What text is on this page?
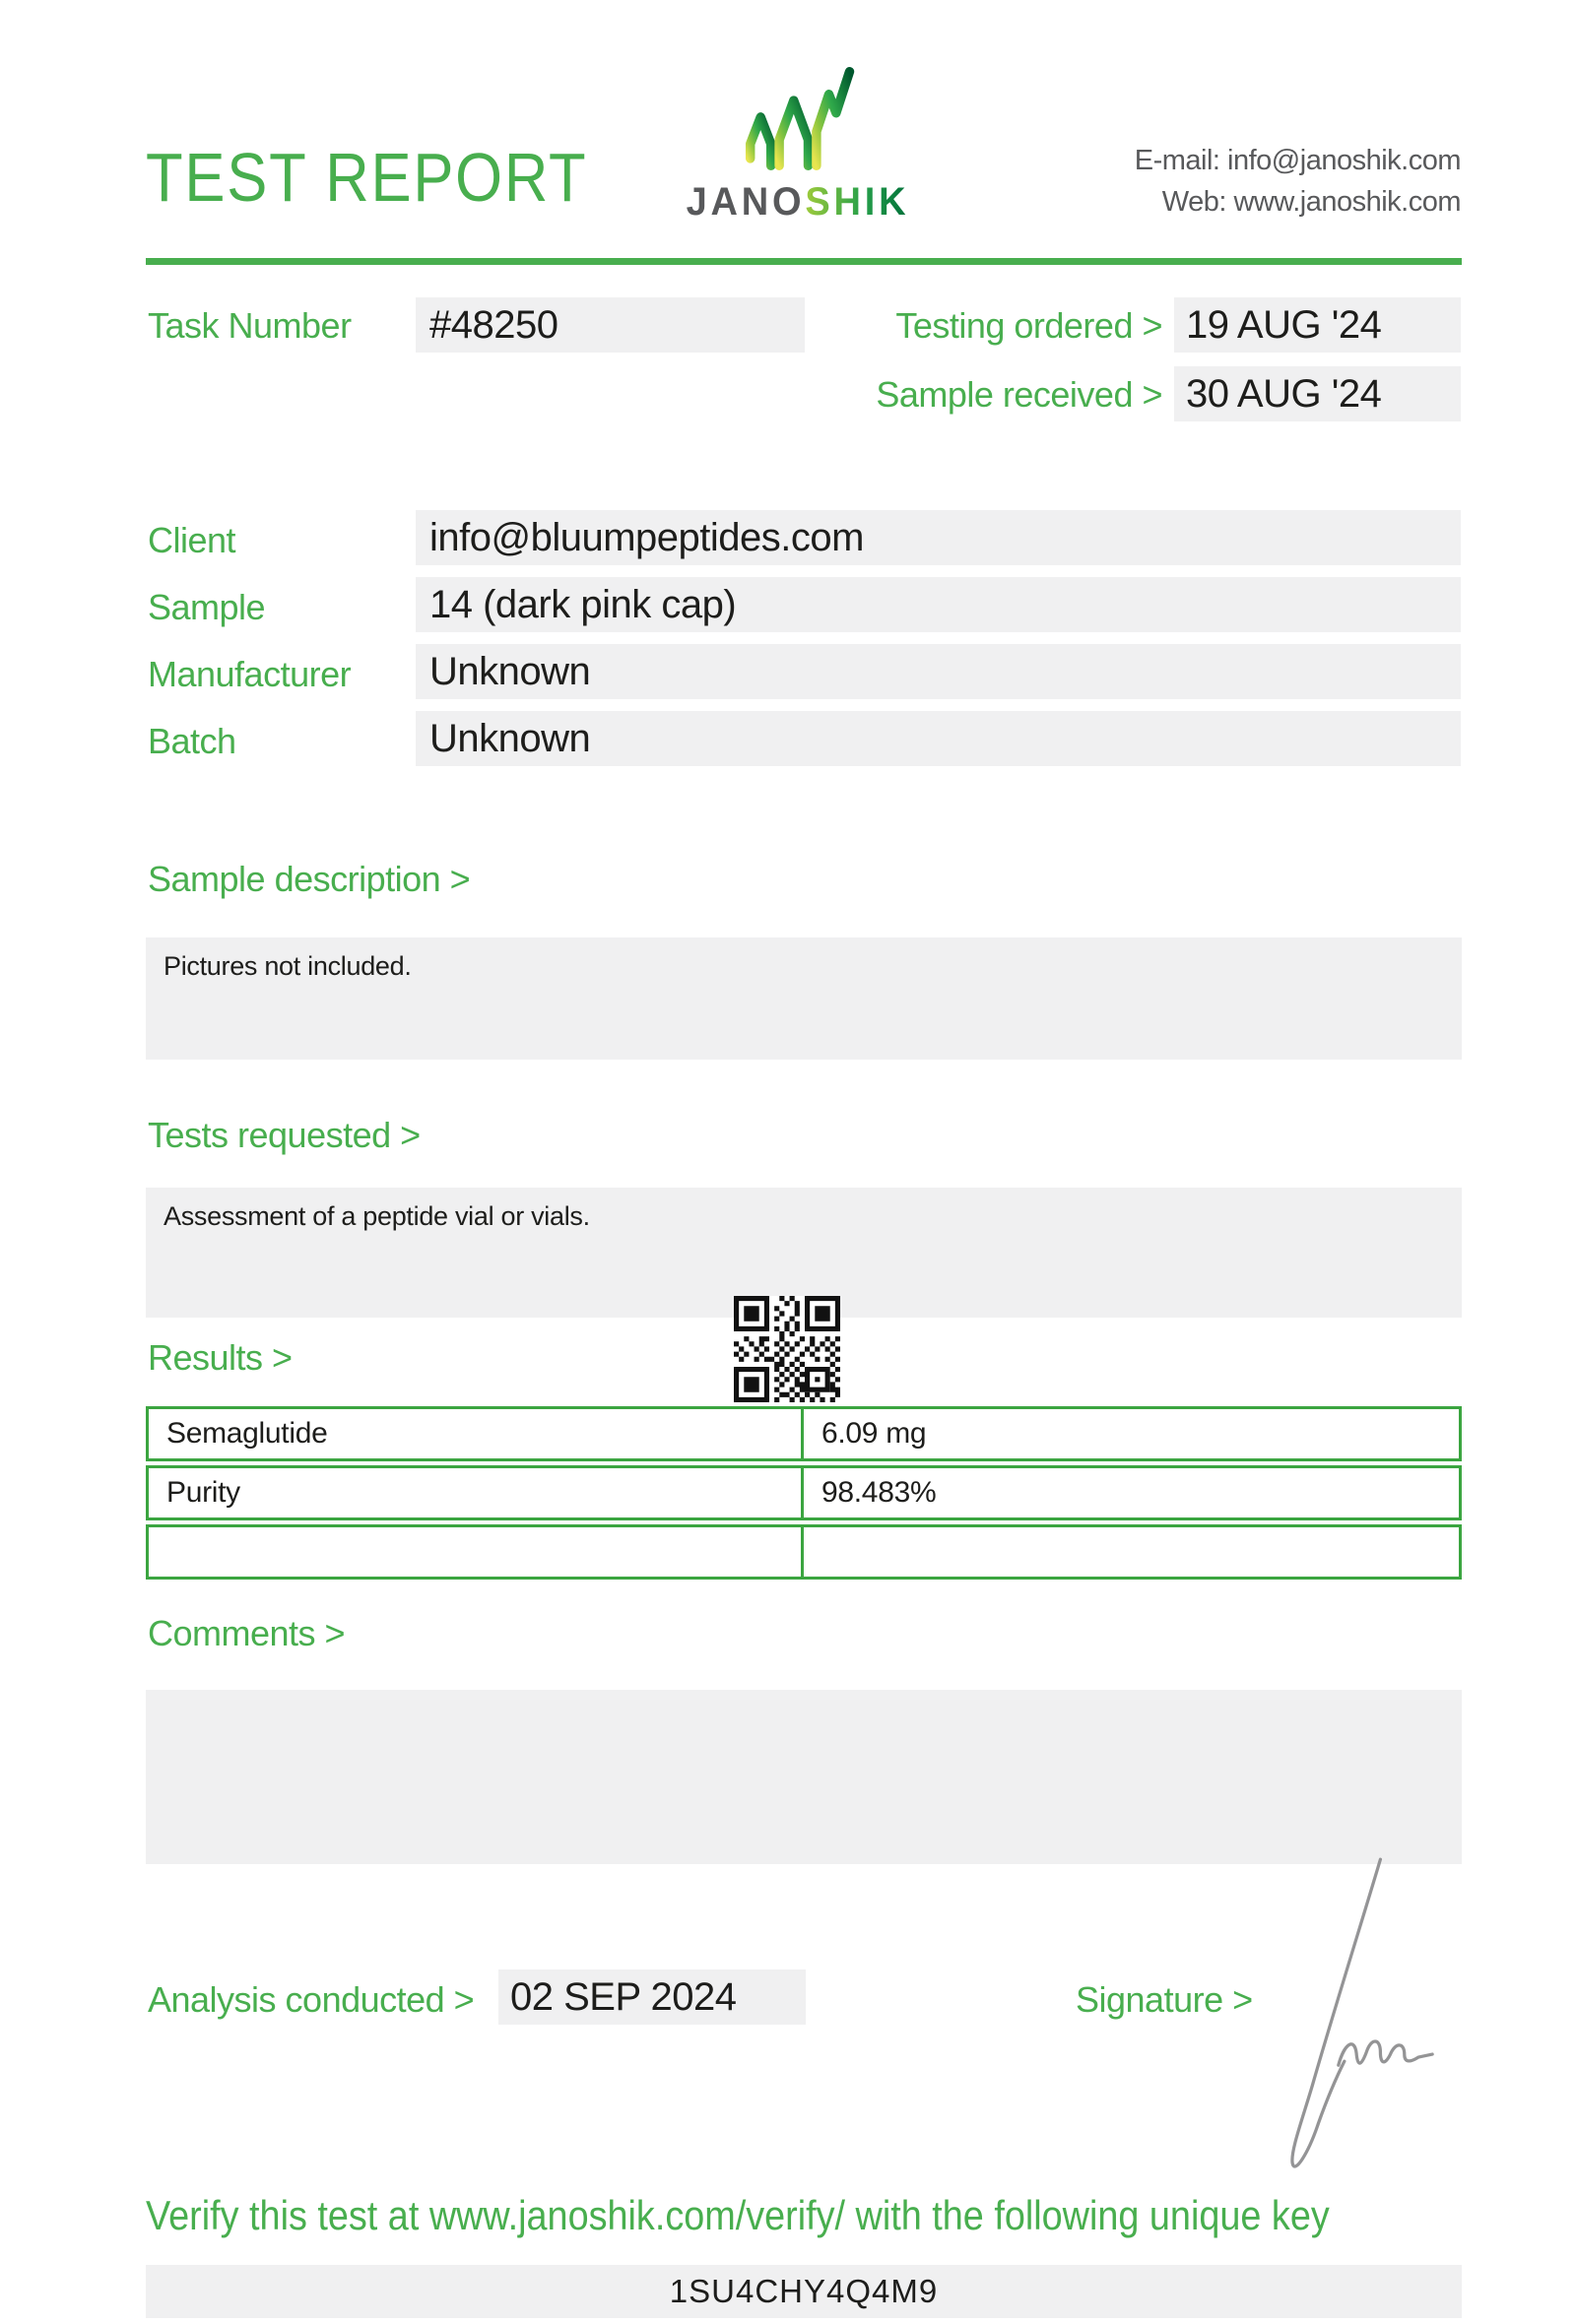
TEST REPORT	JANOSHIK
E-mail: info@janoshik.com
Web: www.janoshik.com
Task Number	#48250	Testing ordered > 19 AUG '24
Sample received > 30 AUG '24
Client	info@bluumpeptides.com
Sample	14 (dark pink cap)
Manufacturer	Unknown
Batch	Unknown
Sample description >
Pictures not included.
Tests requested >
Assessment of a peptide vial or vials.
Results >
Semaglutide	6.09 mg
Purity	98.483%
Comments >
Analysis conducted > 02 SEP 2024	Signature >
Verify this test at www.janoshik.com/verify/ with the following unique key
1SU4CHY4Q4M9
